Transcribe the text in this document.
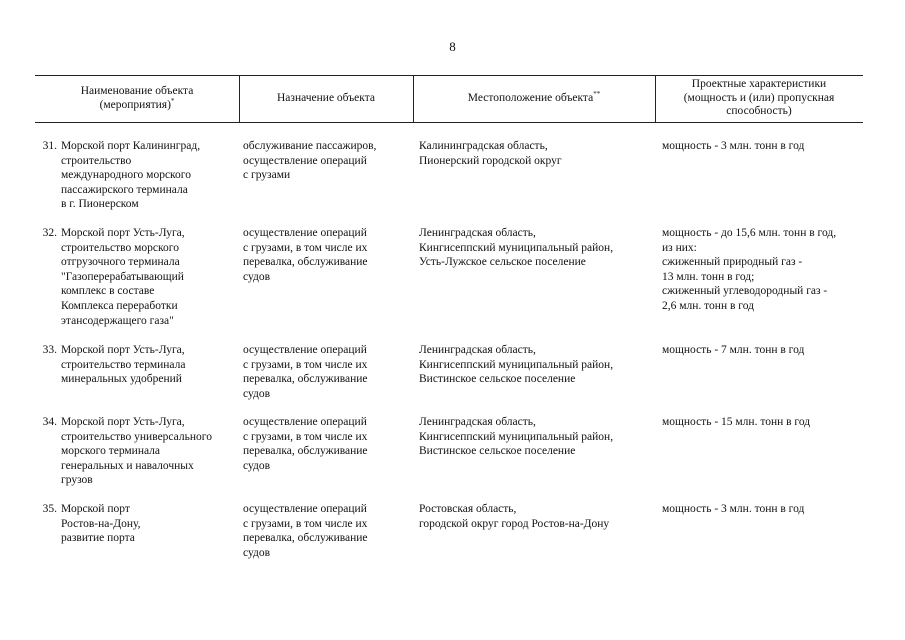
8
Наименование объекта
(мероприятия)*	Назначение объекта	Местоположение объекта**
Проектные характеристики
(мощность и (или) пропускная
способность)
31. Морской порт Калининград,
строительство
международного морского
пассажирского терминала
в г. Пионерском
обслуживание пассажиров,
осуществление операций
с грузами
Калининградская область,
Пионерский городской округ
мощность - 3 млн. тонн в год
32. Морской порт Усть-Луга,
строительство морского
отгрузочного терминала
"Газоперерабатывающий
комплекс в составе
Комплекса переработки
этансодержащего газа"
осуществление операций
с грузами, в том числе их
перевалка, обслуживание
судов
Ленинградская область,
Кингисеппский муниципальный район,
Усть-Лужское сельское поселение
мощность - до 15,6 млн. тонн в год,
из них:
сжиженный природный газ -
13 млн. тонн в год;
сжиженный углеводородный газ -
2,6 млн. тонн в год
33. Морской порт Усть-Луга,
строительство терминала
минеральных удобрений
осуществление операций
с грузами, в том числе их
перевалка, обслуживание
судов
Ленинградская область,
Кингисеппский муниципальный район,
Вистинское сельское поселение
мощность - 7 млн. тонн в год
34. Морской порт Усть-Луга,
строительство универсального
морского терминала
генеральных и навалочных
грузов
осуществление операций
с грузами, в том числе их
перевалка, обслуживание
судов
Ленинградская область,
Кингисеппский муниципальный район,
Вистинское сельское поселение
мощность - 15 млн. тонн в год
35. Морской порт
Ростов-на-Дону,
развитие порта
осуществление операций
с грузами, в том числе их
перевалка, обслуживание
судов
Ростовская область,
городской округ город Ростов-на-Дону
мощность - 3 млн. тонн в год
